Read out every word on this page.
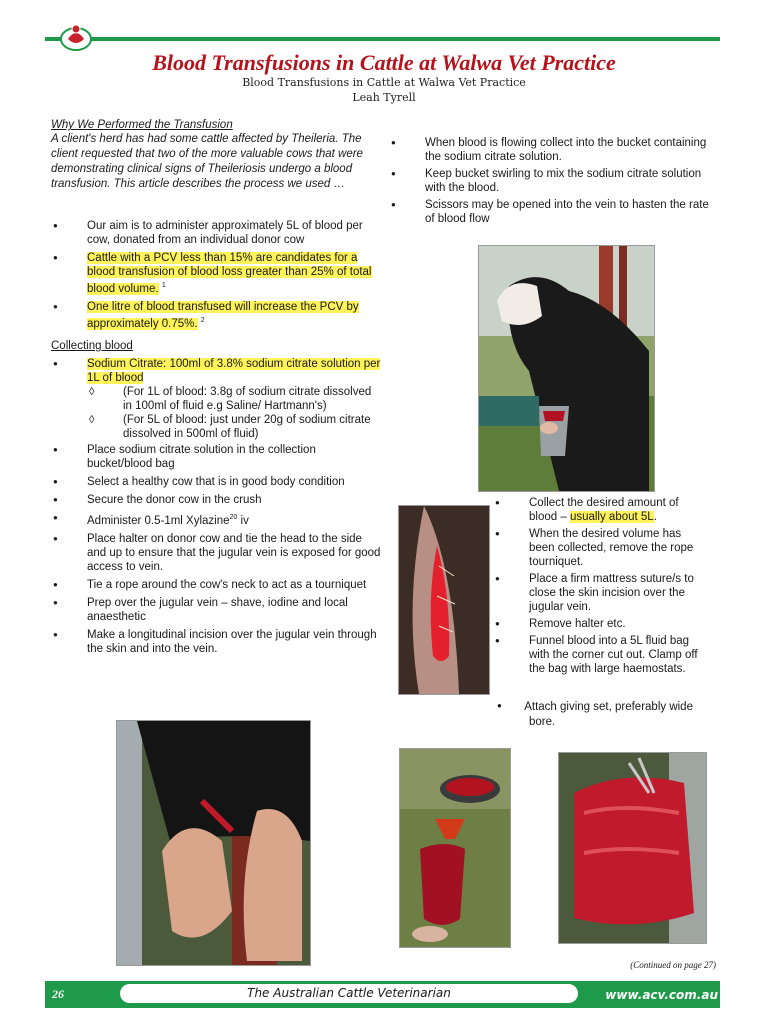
Blood Transfusions in Cattle at Walwa Vet Practice
Blood Transfusions in Cattle at Walwa Vet Practice
Leah Tyrell
Why We Performed the Transfusion
A client's herd has had some cattle affected by Theileria. The client requested that two of the more valuable cows that were demonstrating clinical signs of Theileriosis undergo a blood transfusion. This article describes the process we used …
● Our aim is to administer approximately 5L of blood per cow, donated from an individual donor cow
● Cattle with a PCV less than 15% are candidates for a blood transfusion of blood loss greater than 25% of total blood volume. $^1$
● One litre of blood transfused will increase the PCV by approximately 0.75%. $^2$
Collecting blood
● Sodium Citrate: 100ml of 3.8% sodium citrate solution per 1L of blood
◊ (For 1L of blood: 3.8g of sodium citrate dissolved in 100ml of fluid e.g Saline/ Hartmann's)
◊ (For 5L of blood: just under 20g of sodium citrate dissolved in 500ml of fluid)
● Place sodium citrate solution in the collection bucket/blood bag
● Select a healthy cow that is in good body condition
● Secure the donor cow in the crush
● Administer 0.5-1ml Xylazine$^{20}$ iv
● Place halter on donor cow and tie the head to the side and up to ensure that the jugular vein is exposed for good access to vein.
● Tie a rope around the cow's neck to act as a tourniquet
● Prep over the jugular vein – shave, iodine and local anaesthetic
● Make a longitudinal incision over the jugular vein through the skin and into the vein.
● When blood is flowing collect into the bucket containing the sodium citrate solution.
● Keep bucket swirling to mix the sodium citrate solution with the blood.
● Scissors may be opened into the vein to hasten the rate of blood flow
● Collect the desired amount of blood – usually about 5L.
● When the desired volume has been collected, remove the rope tourniquet.
● Place a firm mattress suture/s to close the skin incision over the jugular vein.
● Remove halter etc.
● Funnel blood into a 5L fluid bag with the corner cut out. Clamp off the bag with large haemostats.
● Attach giving set, preferably wide bore.
(Continued on page 27)
26	The Australian Cattle Veterinarian	www.acv.com.au
